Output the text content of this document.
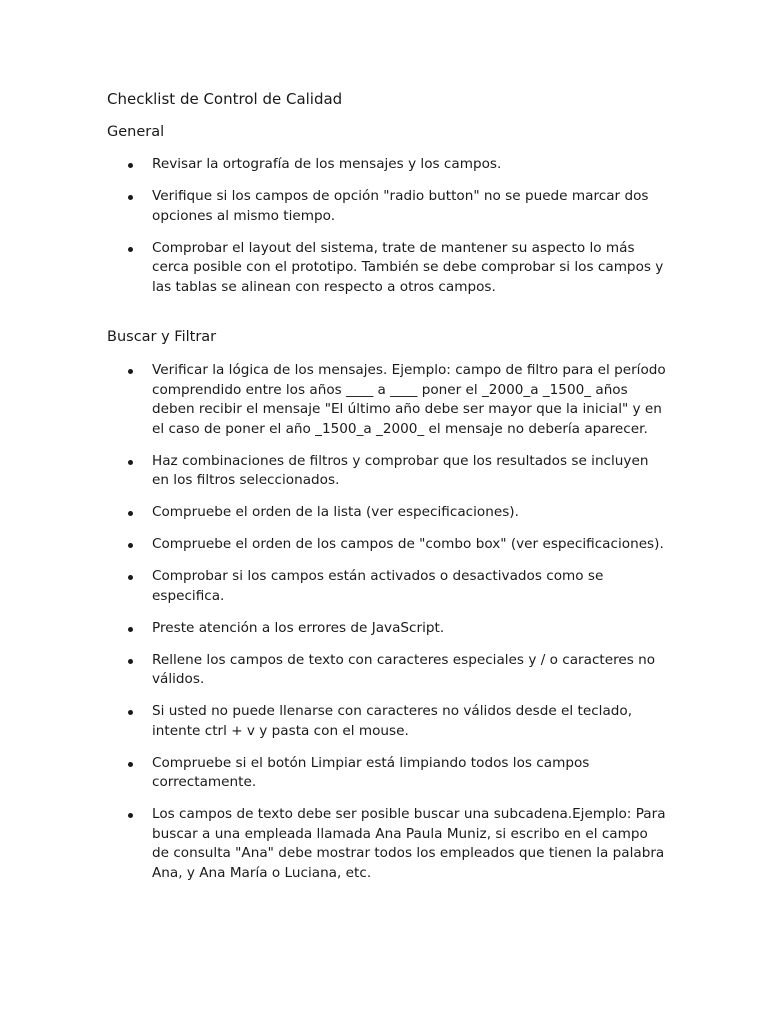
Checklist de Control de Calidad
General
Revisar la ortografía de los mensajes y los campos.
Verifique si los campos de opción "radio button" no se puede marcar dos opciones al mismo tiempo.
Comprobar el layout del sistema, trate de mantener su aspecto lo más cerca posible con el prototipo. También se debe comprobar si los campos y las tablas se alinean con respecto a otros campos.
Buscar y Filtrar
Verificar la lógica de los mensajes. Ejemplo: campo de filtro para el período comprendido entre los años ____ a ____ poner el _2000_a _1500_ años deben recibir el mensaje "El último año debe ser mayor que la inicial" y en el caso de poner el año _1500_a _2000_ el mensaje no debería aparecer.
Haz combinaciones de filtros y comprobar que los resultados se incluyen en los filtros seleccionados.
Compruebe el orden de la lista (ver especificaciones).
Compruebe el orden de los campos de "combo box" (ver especificaciones).
Comprobar si los campos están activados o desactivados como se especifica.
Preste atención a los errores de JavaScript.
Rellene los campos de texto con caracteres especiales y / o caracteres no válidos.
Si usted no puede llenarse con caracteres no válidos desde el teclado, intente ctrl + v y pasta con el mouse.
Compruebe si el botón Limpiar está limpiando todos los campos correctamente.
Los campos de texto debe ser posible buscar una subcadena.Ejemplo: Para buscar a una empleada llamada Ana Paula Muniz, si escribo en el campo de consulta "Ana" debe mostrar todos los empleados que tienen la palabra Ana, y Ana María o Luciana, etc.
